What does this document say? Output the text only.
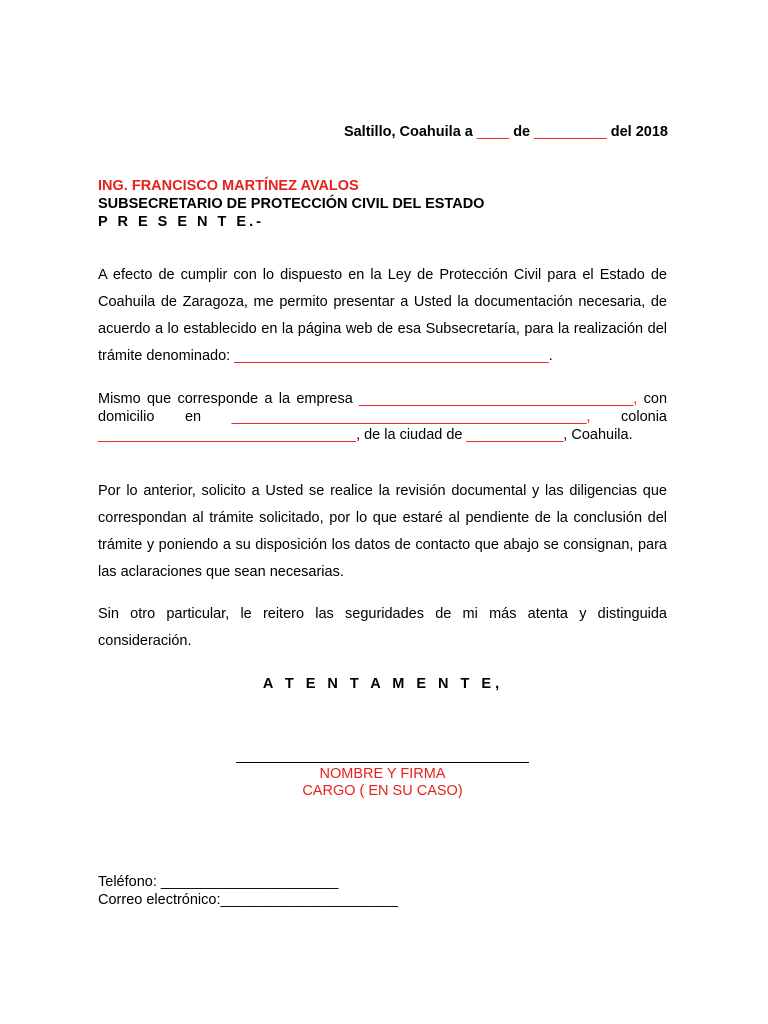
Saltillo, Coahuila a ____ de _________ del 2018
ING. FRANCISCO MARTÍNEZ AVALOS
SUBSECRETARIO DE PROTECCIÓN CIVIL DEL ESTADO
P R E S E N T E.-
A efecto de cumplir con lo dispuesto en la Ley de Protección Civil para el Estado de Coahuila de Zaragoza, me permito presentar a Usted la documentación necesaria, de acuerdo a lo establecido en la página web de esa Subsecretaría, para la realización del trámite denominado: _______________________________________.
Mismo que corresponde a la empresa __________________________________, con domicilio en ____________________________________________, colonia ________________________________, de la ciudad de ____________, Coahuila.
Por lo anterior, solicito a Usted se realice la revisión documental y las diligencias que correspondan al trámite solicitado, por lo que estaré al pendiente de la conclusión del trámite y poniendo a su disposición los datos de contacto que abajo se consignan, para las aclaraciones que sean necesarias.
Sin otro particular, le reitero las seguridades de mi más atenta y distinguida consideración.
A T E N T A M E N T E,
NOMBRE Y FIRMA
CARGO ( EN SU CASO)
Teléfono: ______________________
Correo electrónico:______________________
